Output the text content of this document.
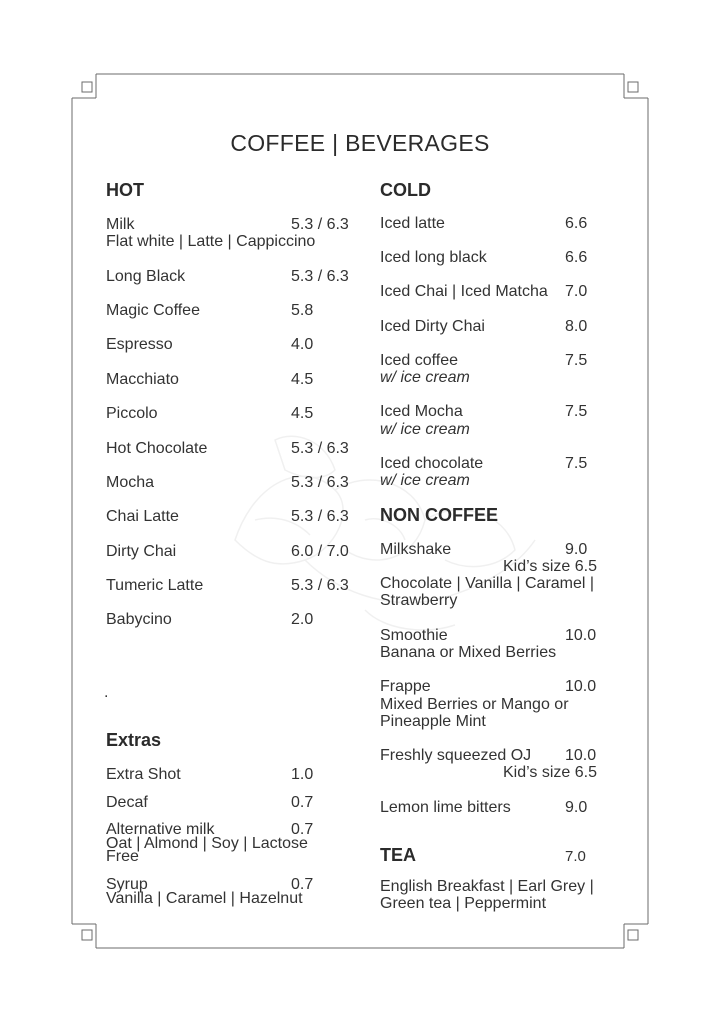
COFFEE | BEVERAGES
HOT
Milk	5.3 / 6.3
Flat white | Latte | Cappiccino
Long Black	5.3 / 6.3
Magic Coffee	5.8
Espresso	4.0
Macchiato	4.5
Piccolo	4.5
Hot Chocolate	5.3 / 6.3
Mocha	5.3 / 6.3
Chai Latte	5.3 / 6.3
Dirty Chai	6.0 / 7.0
Tumeric Latte	5.3 / 6.3
Babycino	2.0
.
Extras
Extra Shot	1.0
Decaf	0.7
Alternative milk	0.7
Oat | Almond | Soy | Lactose
Free
Syrup	0.7
Vanilla | Caramel | Hazelnut
COLD
Iced latte	6.6
Iced long black	6.6
Iced Chai | Iced Matcha 7.0
Iced Dirty Chai	8.0
Iced coffee	7.5
w/ ice cream
Iced Mocha	7.5
w/ ice cream
Iced chocolate	7.5
w/ ice cream
NON COFFEE
Milkshake	9.0
Kid’s size 6.5
Chocolate | Vanilla | Caramel |
Strawberry
Smoothie	10.0
Banana or Mixed Berries
Frappe	10.0
Mixed Berries or Mango or
Pineapple Mint
Freshly squeezed OJ 10.0
Kid’s size 6.5
Lemon lime bitters	9.0
TEA	7.0
English Breakfast | Earl Grey |
Green tea | Peppermint
